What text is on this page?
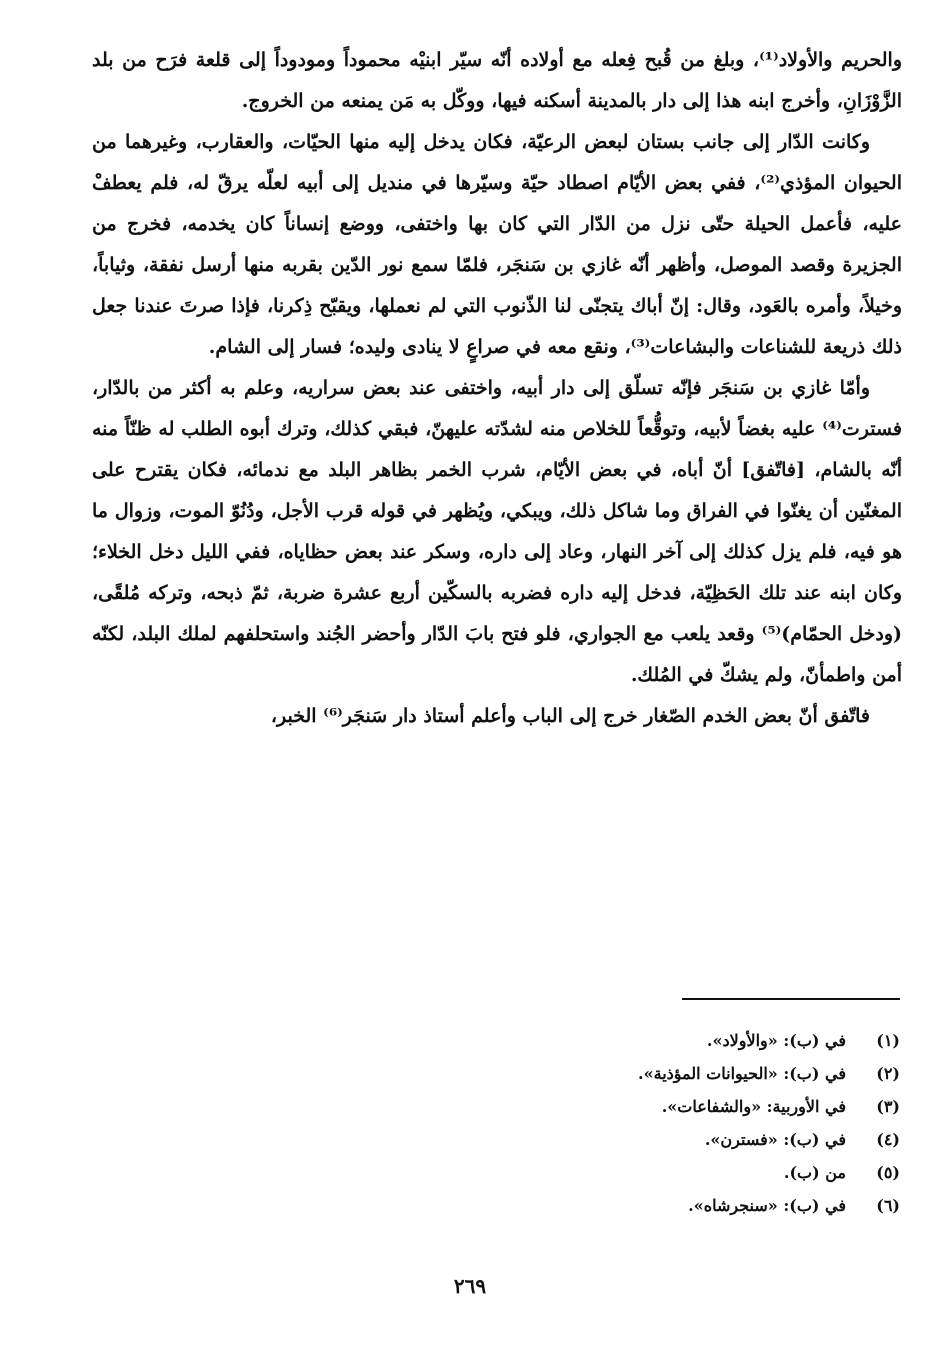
والحريم والأولاد⁽¹⁾، وبلغ من قُبح فِعله مع أولاده أنّه سيّر ابنيْه محموداً ومودوداً إلى قلعة فرَح من بلد الزَّوْزَانِ، وأخرج ابنه هذا إلى دار بالمدينة أسكنه فيها، ووكّل به مَن يمنعه من الخروج.

وكانت الدّار إلى جانب بستان لبعض الرعيّة، فكان يدخل إليه منها الحيّات، والعقارب، وغيرهما من الحيوان المؤذي⁽²⁾، ففي بعض الأيّام اصطاد حيّة وسيّرها في منديل إلى أبيه لعلّه يرقّ له، فلم يعطفْ عليه، فأعمل الحيلة حتّى نزل من الدّار التي كان بها واختفى، ووضع إنساناً كان يخدمه، فخرج من الجزيرة وقصد الموصل، وأظهر أنّه غازي بن سَنجَر، فلمّا سمع نور الدّين بقربه منها أرسل نفقة، وثياباً، وخيلاً، وأمره بالعَود، وقال: إنّ أباك يتجنّى لنا الذّنوب التي لم نعملها، ويقبّح ذِكرنا، فإذا صرتَ عندنا جعل ذلك ذريعة للشناعات والبشاعات⁽³⁾، ونقع معه في صراعٍ لا ينادى وليده؛ فسار إلى الشام.

وأمّا غازي بن سَنجَر فإنّه تسلّق إلى دار أبيه، واختفى عند بعض سراريه، وعلم به أكثر من بالدّار، فسترت⁽⁴⁾ عليه بغضاً لأبيه، وتوقُّعاً للخلاص منه لشدّته عليهنّ، فبقي كذلك، وترك أبوه الطلب له ظنّاً منه أنّه بالشام، [فاتّفق] أنّ أباه، في بعض الأيّام، شرب الخمر بظاهر البلد مع ندمائه، فكان يقترح على المغنّين أن يغنّوا في الفراق وما شاكل ذلك، ويبكي، ويُظهر في قوله قرب الأجل، ودُنُوّ الموت، وزوال ما هو فيه، فلم يزل كذلك إلى آخر النهار، وعاد إلى داره، وسكر عند بعض حظاياه، ففي الليل دخل الخلاء؛ وكان ابنه عند تلك الحَظِيّة، فدخل إليه داره فضربه بالسكّين أربع عشرة ضربة، ثمّ ذبحه، وتركه مُلقًى، (ودخل الحمّام)⁽⁵⁾ وقعد يلعب مع الجواري، فلو فتح بابَ الدّار وأحضر الجُند واستحلفهم لملك البلد، لكنّه أمن واطمأنّ، ولم يشكّ في المُلك.

فاتّفق أنّ بعض الخدم الصّغار خرج إلى الباب وأعلم أستاذ دار سَنجَر⁽⁶⁾ الخبر،

(١)
في (ب): «والأولاد».
(٢)
في (ب): «الحيوانات المؤذية».
(٣)
في الأوربية: «والشفاعات».
(٤)
في (ب): «فسترن».
(٥)
من (ب).
(٦)
في (ب): «سنجرشاه».
٢٦٩
